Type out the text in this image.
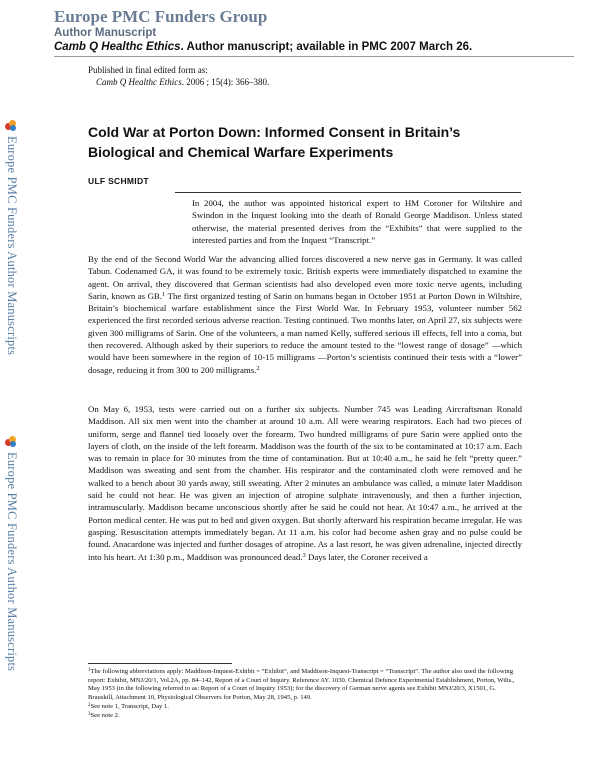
Europe PMC Funders Author Manuscripts
Europe PMC Funders Author Manuscripts
Europe PMC Funders Group
Author Manuscript
Camb Q Healthc Ethics. Author manuscript; available in PMC 2007 March 26.
Published in final edited form as:
Camb Q Healthc Ethics. 2006 ; 15(4): 366–380.
Cold War at Porton Down: Informed Consent in Britain’s Biological and Chemical Warfare Experiments
ULF SCHMIDT
In 2004, the author was appointed historical expert to HM Coroner for Wiltshire and Swindon in the Inquest looking into the death of Ronald George Maddison. Unless stated otherwise, the material presented derives from the “Exhibits” that were supplied to the interested parties and from the Inquest “Transcript.”
By the end of the Second World War the advancing allied forces discovered a new nerve gas in Germany. It was called Tabun. Codenamed GA, it was found to be extremely toxic. British experts were immediately dispatched to examine the agent. On arrival, they discovered that German scientists had also developed even more toxic nerve agents, including Sarin, known as GB.$^1$ The first organized testing of Sarin on humans began in October 1951 at Porton Down in Wiltshire, Britain’s biochemical warfare establishment since the First World War. In February 1953, volunteer number 562 experienced the first recorded serious adverse reaction. Testing continued. Two months later, on April 27, six subjects were given 300 milligrams of Sarin. One of the volunteers, a man named Kelly, suffered serious ill effects, fell into a coma, but then recovered. Although asked by their superiors to reduce the amount tested to the “lowest range of dosage” —which would have been somewhere in the region of 10-15 milligrams —Porton’s scientists continued their tests with a “lower” dosage, reducing it from 300 to 200 milligrams.$^2$
On May 6, 1953, tests were carried out on a further six subjects. Number 745 was Leading Aircraftsman Ronald Maddison. All six men went into the chamber at around 10 a.m. All were wearing respirators. Each had two pieces of uniform, serge and flannel tied loosely over the forearm. Two hundred milligrams of pure Sarin were applied onto the layers of cloth, on the inside of the left forearm. Maddison was the fourth of the six to be contaminated at 10:17 a.m. Each was to remain in place for 30 minutes from the time of contamination. But at 10:40 a.m., he said he felt “pretty queer.” Maddison was sweating and sent from the chamber. His respirator and the contaminated cloth were removed and he walked to a bench about 30 yards away, still sweating. After 2 minutes an ambulance was called, a minute later Maddison said he could not hear. He was given an injection of atropine sulphate intravenously, and then a further injection, intramuscularly. Maddison became unconscious shortly after he said he could not hear. At 10:47 a.m., he arrived at the Porton medical center. He was put to bed and given oxygen. But shortly afterward his respiration became irregular. He was gasping. Resuscitation attempts immediately began. At 11 a.m. his color had become ashen gray and no pulse could be found. Anacardone was injected and further dosages of atropine. As a last resort, he was given adrenaline, injected directly into his heart. At 1:30 p.m., Maddison was pronounced dead.$^3$ Days later, the Coroner received a

$^1$The following abbreviations apply: Maddison-Inquest-Exhibit = “Exhibit”, and Maddison-Inquest-Transcript = “Transcript”. The author also used the following report: Exhibit, MNJ/20/1, Vol.2A, pp. 84–142, Report of a Court of Inquiry. Reference AY. 1030. Chemical Defence Experimental Establishment, Porton, Wilts., May 1953 (in the following referred to as: Report of a Court of Inquiry 1953); for the discovery of German nerve agents see Exhibit MNJ/20/3, X1501, G. Brauskill, Attachment 10, Physiological Observers for Porton, May 28, 1945, p. 149.

$^2$See note 1, Transcript, Day 1.

$^3$See note 2.
